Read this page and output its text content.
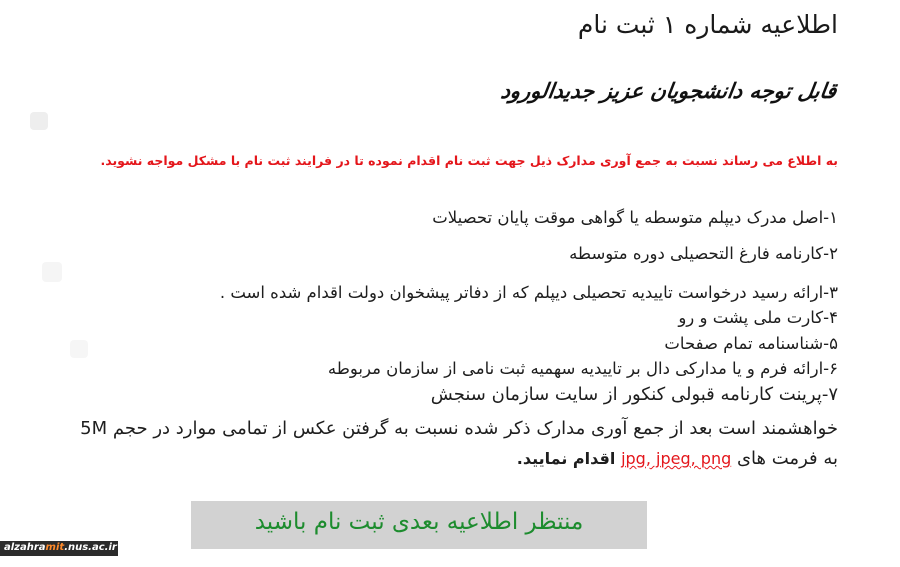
اطلاعیه شماره ۱ ثبت نام
قابل توجه دانشجویان عزیز جدیدالورود
به اطلاع می رساند نسبت به جمع آوری مدارک ذیل جهت ثبت نام اقدام نموده تا در فرایند ثبت نام با مشکل مواجه نشوید.
۱-اصل مدرک دیپلم متوسطه یا گواهی موقت پایان تحصیلات
۲-کارنامه فارغ التحصیلی دوره متوسطه
۳-ارائه رسید درخواست تاییدیه تحصیلی دیپلم که از دفاتر پیشخوان دولت اقدام شده است .
۴-کارت ملی پشت و رو
۵-شناسنامه تمام صفحات
۶-ارائه فرم و یا مدارکی دال بر تاییدیه سهمیه ثبت نامی از سازمان مربوطه
۷-پرینت کارنامه قبولی کنکور از سایت سازمان سنجش
خواهشمند است بعد از جمع آوری مدارک ذکر شده نسبت به گرفتن عکس از تمامی موارد در حجم 5M
به فرمت های jpg, jpeg, png اقدام نمایید.
منتظر اطلاعیه بعدی ثبت نام باشید
alzahramit.nus.ac.ir
